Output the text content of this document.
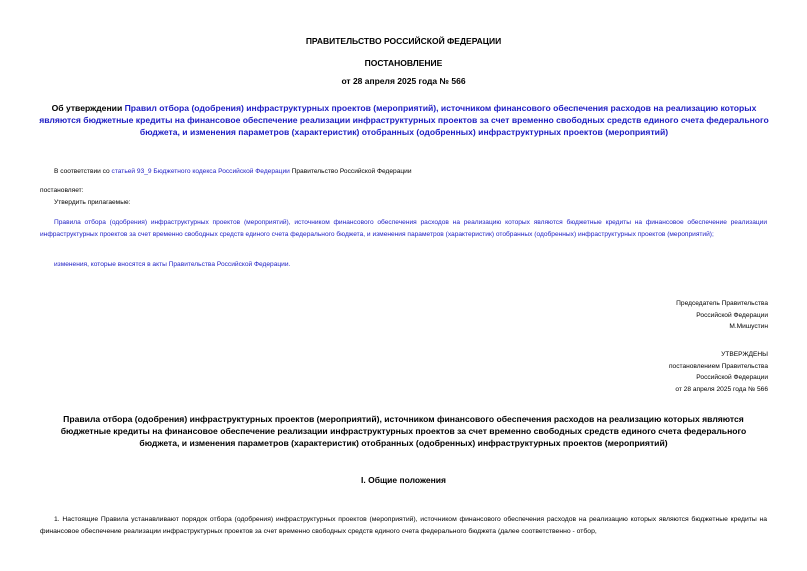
ПРАВИТЕЛЬСТВО РОССИЙСКОЙ ФЕДЕРАЦИИ

ПОСТАНОВЛЕНИЕ

от 28 апреля 2025 года № 566

Об утверждении Правил отбора (одобрения) инфраструктурных проектов (мероприятий), источником финансового обеспечения расходов на реализацию которых являются бюджетные кредиты на финансовое обеспечение реализации инфраструктурных проектов за счет временно свободных средств единого счета федерального бюджета, и изменения параметров (характеристик) отобранных (одобренных) инфраструктурных проектов (мероприятий)

В соответствии со статьей 93_9 Бюджетного кодекса Российской Федерации Правительство Российской Федерации

постановляет:

Утвердить прилагаемые:

Правила отбора (одобрения) инфраструктурных проектов (мероприятий), источником финансового обеспечения расходов на реализацию которых являются бюджетные кредиты на финансовое обеспечение реализации инфраструктурных проектов за счет временно свободных средств единого счета федерального бюджета, и изменения параметров (характеристик) отобранных (одобренных) инфраструктурных проектов (мероприятий);

изменения, которые вносятся в акты Правительства Российской Федерации.

Председатель Правительства
Российской Федерации
М.Мишустин
УТВЕРЖДЕНЫ
постановлением Правительства
Российской Федерации
от 28 апреля 2025 года № 566

Правила отбора (одобрения) инфраструктурных проектов (мероприятий), источником финансового обеспечения расходов на реализацию которых являются бюджетные кредиты на финансовое обеспечение реализации инфраструктурных проектов за счет временно свободных средств единого счета федерального бюджета, и изменения параметров (характеристик) отобранных (одобренных) инфраструктурных проектов (мероприятий)

I. Общие положения

1. Настоящие Правила устанавливают порядок отбора (одобрения) инфраструктурных проектов (мероприятий), источником финансового обеспечения расходов на реализацию которых являются бюджетные кредиты на финансовое обеспечение реализации инфраструктурных проектов за счет временно свободных средств единого счета федерального бюджета (далее соответственно - отбор,
